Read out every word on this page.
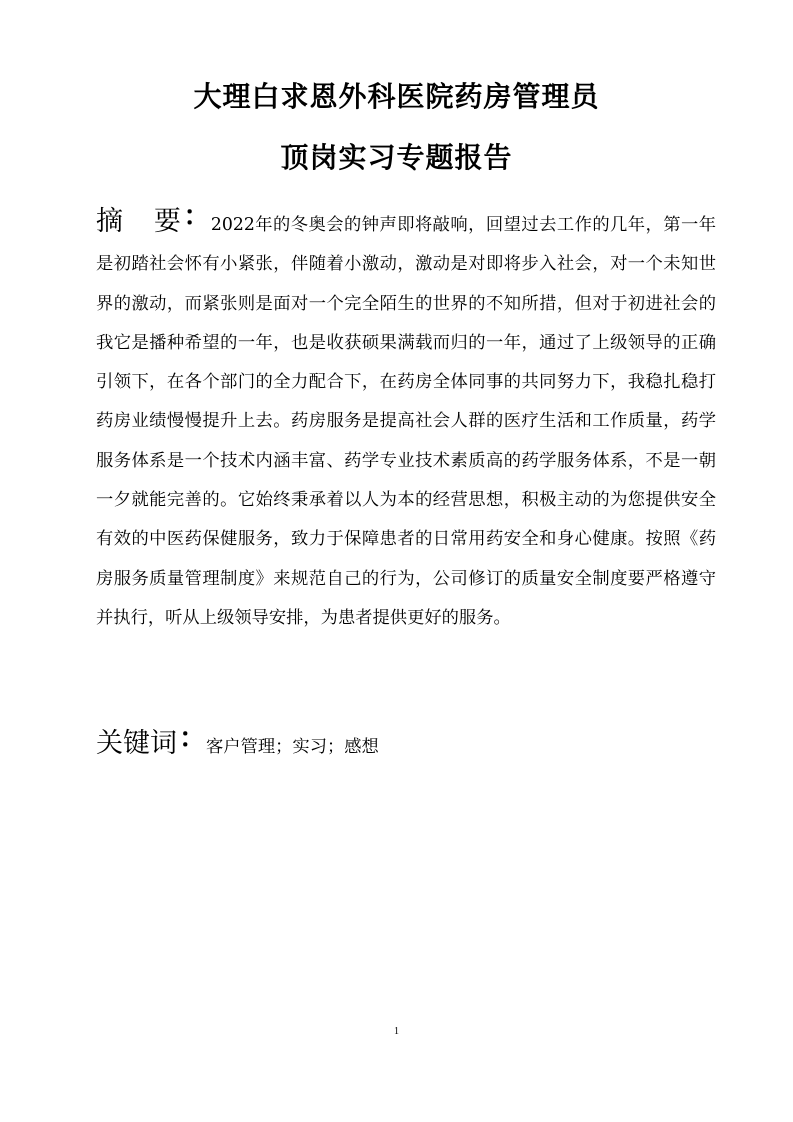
大理白求恩外科医院药房管理员
顶岗实习专题报告

摘 要：2022年的冬奥会的钟声即将敲响，回望过去工作的几年，第一年是初踏社会怀有小紧张，伴随着小激动，激动是对即将步入社会，对一个未知世界的激动，而紧张则是面对一个完全陌生的世界的不知所措，但对于初进社会的我它是播种希望的一年，也是收获硕果满载而归的一年，通过了上级领导的正确引领下，在各个部门的全力配合下，在药房全体同事的共同努力下，我稳扎稳打药房业绩慢慢提升上去。药房服务是提高社会人群的医疗生活和工作质量，药学服务体系是一个技术内涵丰富、药学专业技术素质高的药学服务体系，不是一朝一夕就能完善的。它始终秉承着以人为本的经营思想，积极主动的为您提供安全有效的中医药保健服务，致力于保障患者的日常用药安全和身心健康。按照《药房服务质量管理制度》来规范自己的行为，公司修订的质量安全制度要严格遵守并执行，听从上级领导安排，为患者提供更好的服务。

关键词：客户管理；实习；感想

1
